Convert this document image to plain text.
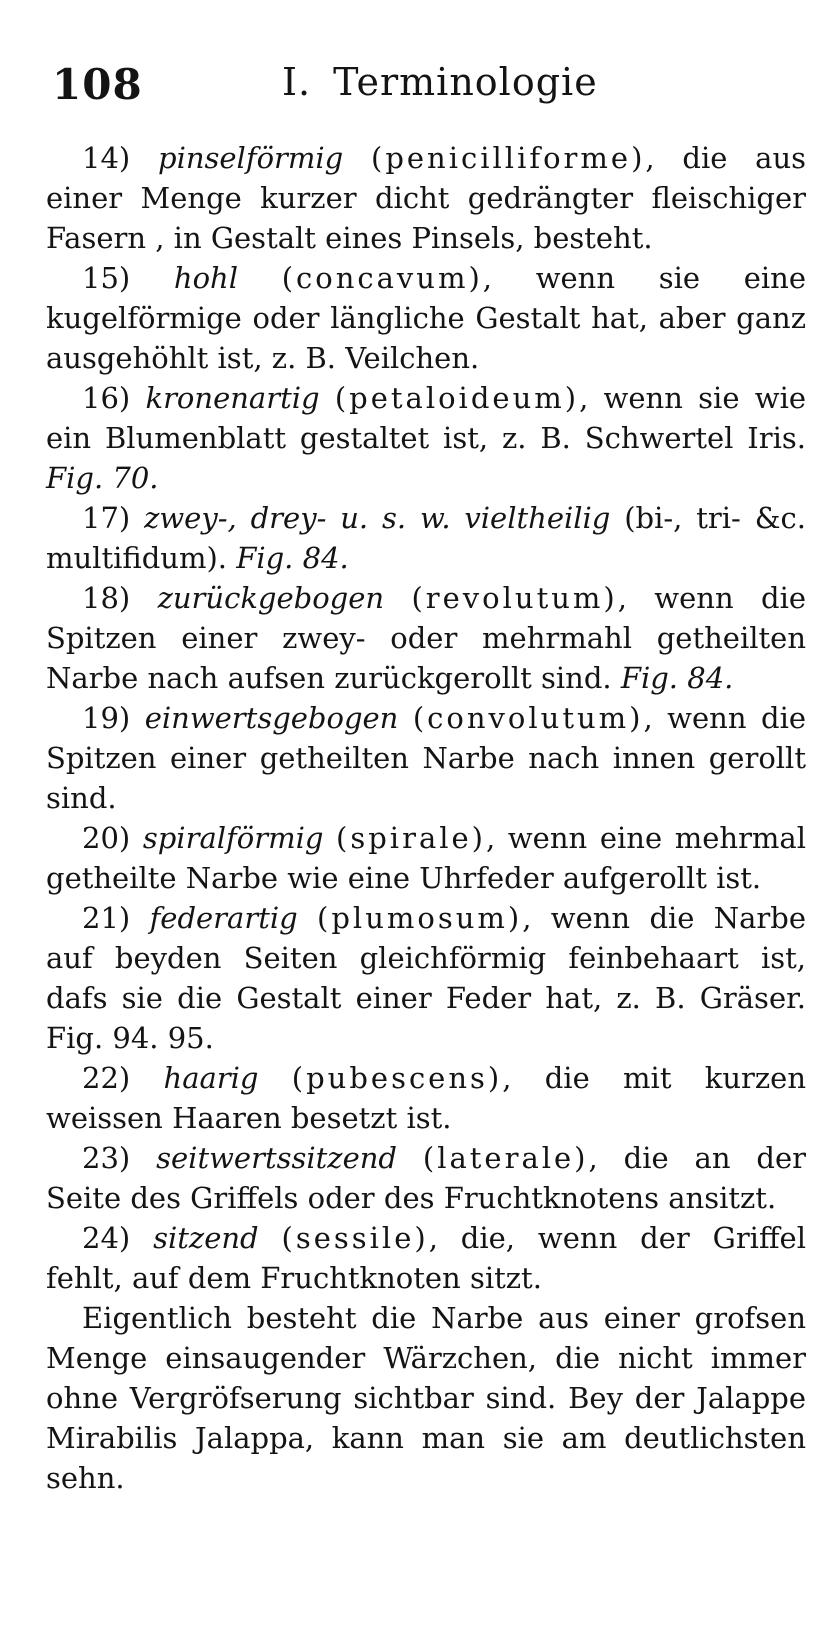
108	I. Terminologie

14) pinselförmig (penicilliforme), die aus einer Menge kurzer dicht gedrängter fleischiger Fasern , in Gestalt eines Pinsels, besteht.

15) hohl (concavum), wenn sie eine kugelförmige oder längliche Gestalt hat, aber ganz ausgehöhlt ist, z. B. Veilchen.

16) kronenartig (petaloideum), wenn sie wie ein Blumenblatt gestaltet ist, z. B. Schwertel Iris. Fig. 70.

17) zwey-, drey- u. s. w. vieltheilig (bi-, tri- &c. multifidum). Fig. 84.

18) zurückgebogen (revolutum), wenn die Spitzen einer zwey- oder mehrmahl getheilten Narbe nach aufsen zurückgerollt sind. Fig. 84.

19) einwertsgebogen (convolutum), wenn die Spitzen einer getheilten Narbe nach innen gerollt sind.

20) spiralförmig (spirale), wenn eine mehrmal getheilte Narbe wie eine Uhrfeder aufgerollt ist.

21) federartig (plumosum), wenn die Narbe auf beyden Seiten gleichförmig feinbehaart ist, dafs sie die Gestalt einer Feder hat, z. B. Gräser. Fig. 94. 95.

22) haarig (pubescens), die mit kurzen weissen Haaren besetzt ist.

23) seitwertssitzend (laterale), die an der Seite des Griffels oder des Fruchtknotens ansitzt.

24) sitzend (sessile), die, wenn der Griffel fehlt, auf dem Fruchtknoten sitzt.

Eigentlich besteht die Narbe aus einer grofsen Menge einsaugender Wärzchen, die nicht immer ohne Vergröfserung sichtbar sind. Bey der Jalappe Mirabilis Jalappa, kann man sie am deutlichsten sehn.
